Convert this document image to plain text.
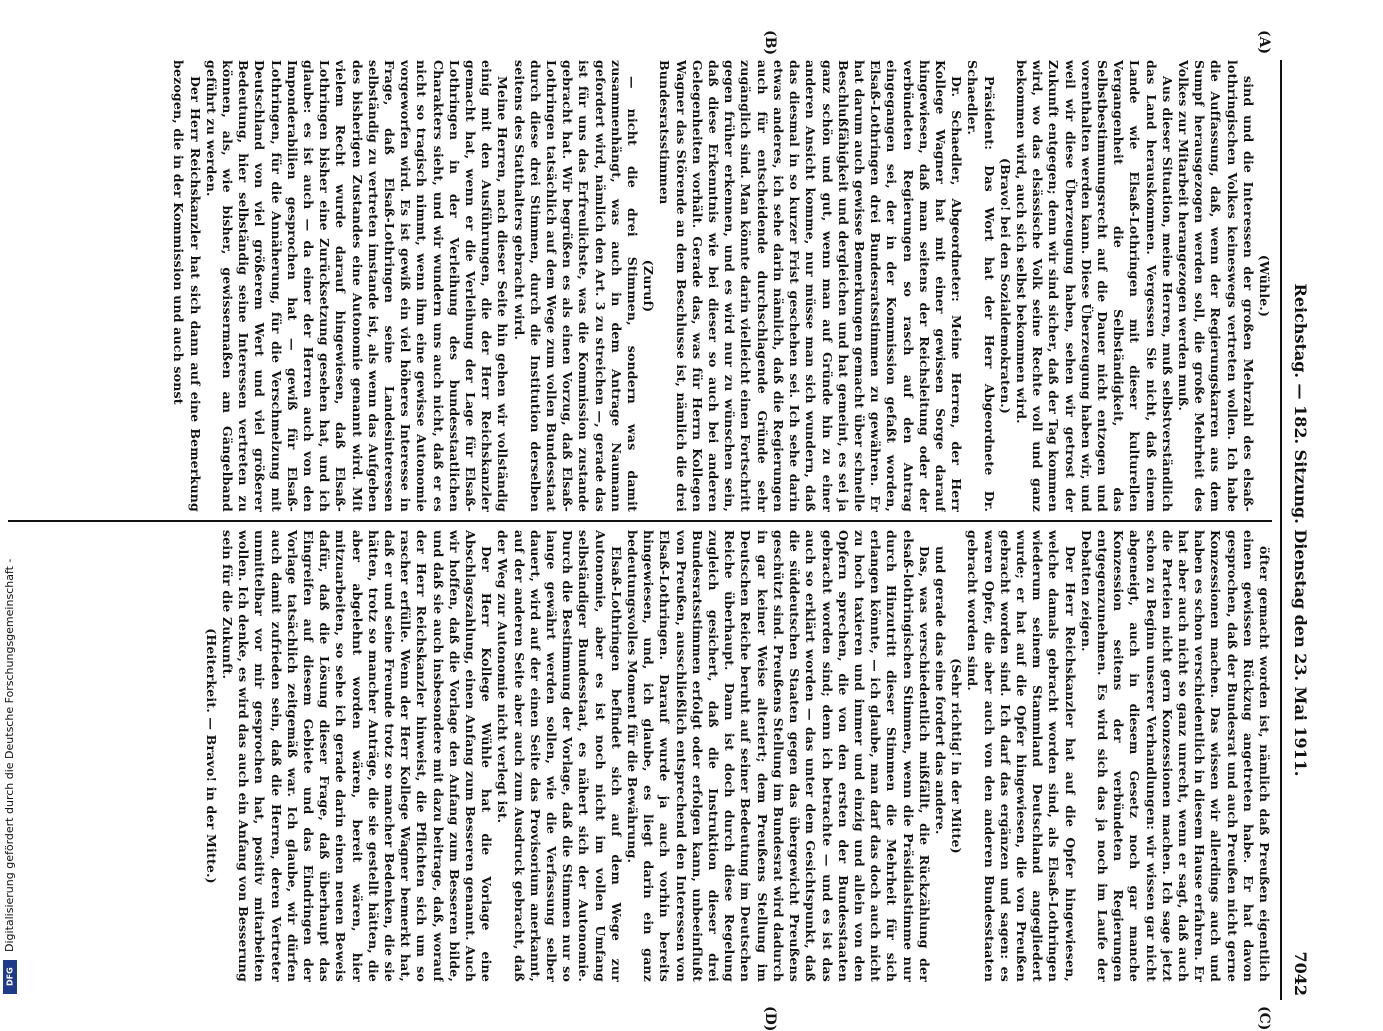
Reichstag. — 182. Sitzung. Dienstag den 23. Mai 1911.
7042
(A)
(B)
(C)
(D)

(Wühle.)

sind und die Interessen der großen Mehrzahl des elsaß-lothringischen Volkes keineswegs vertreten wollen. Ich habe die Auffassung, daß, wenn der Regierungskarren aus dem Sumpf herausgezogen werden soll, die große Mehrheit des Volkes zur Mitarbeit herangezogen werden muß.

Aus dieser Situation, meine Herren, muß selbstverständlich das Land herauskommen. Vergessen Sie nicht, daß einem Lande wie Elsaß-Lothringen mit dieser kulturellen Vergangenheit die Selbständigkeit, das Selbstbestimmungsrecht auf die Dauer nicht entzogen und vorenthalten werden kann. Diese Überzeugung haben wir, und weil wir diese Überzeugung haben, sehen wir getrost der Zukunft entgegen; denn wir sind sicher, daß der Tag kommen wird, wo das elsässische Volk seine Rechte voll und ganz bekommen wird, auch sich selbst bekommen wird.

(Bravo! bei den Sozialdemokraten.)

Präsident: Das Wort hat der Herr Abgeordnete Dr. Schaedler.

Dr. Schaedler, Abgeordneter: Meine Herren, der Herr Kollege Wagner hat mit einer gewissen Sorge darauf hingewiesen, daß man seitens der Reichsleitung oder der verbündeten Regierungen so rasch auf den Antrag eingegangen sei, der in der Kommission gefaßt worden, Elsaß-Lothringen drei Bundesratsstimmen zu gewähren. Er hat darum auch gewisse Bemerkungen gemacht über schnelle Beschlußfähigkeit und dergleichen und hat gemeint, es sei ja ganz schön und gut, wenn man auf Gründe hin zu einer anderen Ansicht komme, nur müsse man sich wundern, daß das diesmal in so kurzer Frist geschehen sei. Ich sehe darin etwas anderes, ich sehe darin nämlich, daß die Regierungen auch für entscheidende durchschlagende Gründe sehr zugänglich sind. Man könnte darin vielleicht einen Fortschritt gegen früher erkennen, und es wird nur zu wünschen sein, daß diese Erkenntnis wie bei dieser so auch bei anderen Gelegenheiten vorhält. Gerade das, was für Herrn Kollegen Wagner das Störende an dem Beschlusse ist, nämlich die drei Bundesratsstimmen

(Zuruf)

— nicht die drei Stimmen, sondern was damit zusammenhängt, was auch in dem Antrage Naumann gefordert wird, nämlich den Art. 3 zu streichen —, gerade das ist für uns das Erfreulichste, was die Kommission zustande gebracht hat. Wir begrüßen es als einen Vorzug, daß Elsaß-Lothringen tatsächlich auf dem Wege zum vollen Bundesstaat durch diese drei Stimmen, durch die Institution derselben seitens des Statthalters gebracht wird.

Meine Herren, nach dieser Seite hin gehen wir vollständig einig mit den Ausführungen, die der Herr Reichskanzler gemacht hat, wenn er die Verleihung der Lage für Elsaß-Lothringen in der Verleihung des bundesstaatlichen Charakters sieht, und wir wundern uns auch nicht, daß er es nicht so tragisch nimmt, wenn ihm eine gewisse Autonomie vorgeworfen wird. Es ist gewiß ein viel höheres Interesse in Frage, daß Elsaß-Lothringen seine Landesinteressen selbständig zu vertreten imstande ist, als wenn das Aufgeben des bisherigen Zustandes eine Autonomie genannt wird. Mit vielem Recht wurde darauf hingewiesen, daß Elsaß-Lothringen bisher eine Zurücksetzung gesehen hat, und ich glaube: es ist auch — da einer der Herren auch von den Imponderabilien gesprochen hat — gewiß für Elsaß-Lothringen, für die Annäherung, für die Verschmelzung mit Deutschland von viel größerem Wert und viel größerer Bedeutung, hier selbständig seine Interessen vertreten zu können, als, wie bisher, gewissermaßen am Gängelband geführt zu werden.

Der Herr Reichskanzler hat sich dann auf eine Bemerkung bezogen, die in der Kommission und auch sonst

öfter gemacht worden ist, nämlich daß Preußen eigentlich einen gewissen Rückzug angetreten habe. Er hat davon gesprochen, daß der Bundesrat und auch Preußen nicht gerne Konzessionen machen. Das wissen wir allerdings auch und haben es schon verschiedentlich in diesem Hause erfahren. Er hat aber auch nicht so ganz unrecht, wenn er sagt, daß auch die Parteien nicht gern Konzessionen machen. Ich sage jetzt schon zu Beginn unserer Verhandlungen: wir wissen gar nicht abgeneigt, auch in diesem Gesetz noch gar manche Konzession seitens der verbündeten Regierungen entgegenzunehmen. Es wird sich das ja noch im Laufe der Debatten zeigen.

Der Herr Reichskanzler hat auf die Opfer hingewiesen, welche damals gebracht worden sind, als Elsaß-Lothringen wiederum seinem Stammland Deutschland angegliedert wurde; er hat auf die Opfer hingewiesen, die von Preußen gebracht worden sind. Ich darf das ergänzen und sagen: es waren Opfer, die aber auch von den anderen Bundesstaaten gebracht worden sind.

(Sehr richtig! in der Mitte)

und gerade das eine fordert das andere.

Das, was verschiedentlich mißfällt, die Rückzählung der elsaß-lothringischen Stimmen, wenn die Präsidialstimme nur durch Hinzutritt dieser Stimmen die Mehrheit für sich erlangen könnte, — ich glaube, man darf das doch auch nicht zu hoch taxieren und immer und einzig und allein von den Opfern sprechen, die von den ersten der Bundesstaaten gebracht worden sind; denn ich betrachte — und es ist das auch so erklärt worden — das unter dem Gesichtspunkt, daß die süddeutschen Staaten gegen das übergewicht Preußens geschützt sind. Preußens Stellung im Bundesrat wird dadurch in gar keiner Weise alteriert; dem Preußens Stellung im Deutschen Reiche beruht auf seiner Bedeutung im Deutschen Reiche überhaupt. Dann ist doch durch diese Regelung zugleich gesichert, daß die Instruktion dieser drei Bundesratsstimmen erfolgt oder erfolgen kann, unbeeinflußt von Preußen, ausschließlich entsprechend den Interessen von Elsaß-Lothringen. Darauf wurde ja auch vorhin bereits hingewiesen, und, ich glaube, es liegt darin ein ganz bedeutungsvolles Moment für die Bewährung.

Elsaß-Lothringen befindet sich auf dem Wege zur Autonomie, aber es ist noch nicht im vollen Umfang selbständiger Bundesstaat, es nähert sich der Autonomie. Durch die Bestimmung der Vorlage, daß die Stimmen nur so lange gewährt werden sollen, wie die Verfassung selber dauert, wird auf der einen Seite das Provisorium anerkannt, auf der anderen Seite aber auch zum Ausdruck gebracht, daß der Weg zur Autonomie nicht verlegt ist.

Der Herr Kollege Wühle hat die Vorlage eine Abschlagszahlung, einen Anfang zum Besseren genannt. Auch wir hoffen, daß die Vorlage den Anfang zum Besseren bilde, und daß sie auch insbesondere mit dazu beitrage, daß, worauf der Herr Reichskanzler hinweist, die Pflichten sich um so rascher erfülle. Wenn der Herr Kollege Wagner bemerkt hat, daß er und seine Freunde trotz so mancher Bedenken, die sie hätten, trotz so mancher Anträge, die sie gestellt hätten, die aber abgelehnt worden wären, bereit wären, hier mitzuarbeiten, so sehe ich gerade darin einen neuen Beweis dafür, daß die Lösung dieser Frage, daß überhaupt das Eingreifen auf diesem Gebiete und das Eindringen der Vorlage tatsächlich zeitgemäß war. Ich glaube, wir dürfen auch damit zufrieden sein, daß die Herren, deren Vertreter unmittelbar vor mir gesprochen hat, positiv mitarbeiten wollen. Ich denke, es wird das auch ein Anfang von Besserung sein für die Zukunft.

(Heiterkeit. — Bravo! in der Mitte.)

Digitalisierung gefördert durch die Deutsche Forschungsgemeinschaft -
DFG
